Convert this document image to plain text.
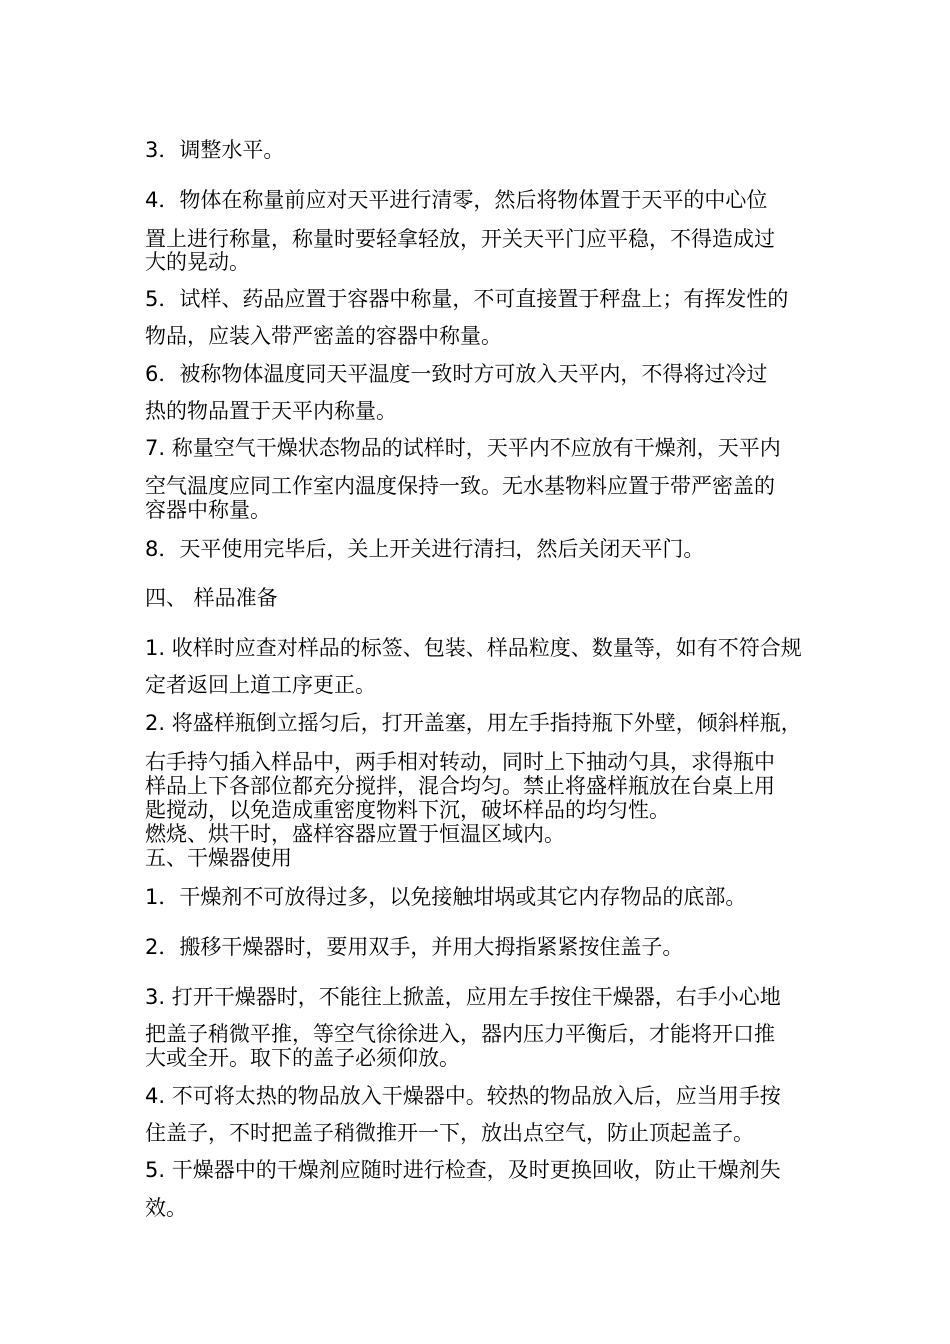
3．调整水平。
4．物体在称量前应对天平进行清零，然后将物体置于天平的中心位
置上进行称量，称量时要轻拿轻放，开关天平门应平稳，不得造成过
大的晃动。
5．试样、药品应置于容器中称量，不可直接置于秤盘上；有挥发性的
物品，应装入带严密盖的容器中称量。
6．被称物体温度同天平温度一致时方可放入天平内，不得将过冷过
热的物品置于天平内称量。
7. 称量空气干燥状态物品的试样时，天平内不应放有干燥剂，天平内
空气温度应同工作室内温度保持一致。无水基物料应置于带严密盖的
容器中称量。
8．天平使用完毕后，关上开关进行清扫，然后关闭天平门。
四、 样品准备
1. 收样时应查对样品的标签、包装、样品粒度、数量等，如有不符合规
定者返回上道工序更正。
2. 将盛样瓶倒立摇匀后，打开盖塞，用左手指持瓶下外壁，倾斜样瓶，
右手持勺插入样品中，两手相对转动，同时上下抽动勺具，求得瓶中
样品上下各部位都充分搅拌，混合均匀。禁止将盛样瓶放在台桌上用
匙搅动，以免造成重密度物料下沉，破坏样品的均匀性。
燃烧、烘干时，盛样容器应置于恒温区域内。
五、干燥器使用
1．干燥剂不可放得过多，以免接触坩埚或其它内存物品的底部。
2．搬移干燥器时，要用双手，并用大拇指紧紧按住盖子。
3. 打开干燥器时，不能往上掀盖，应用左手按住干燥器，右手小心地
把盖子稍微平推，等空气徐徐进入，器内压力平衡后，才能将开口推
大或全开。取下的盖子必须仰放。
4. 不可将太热的物品放入干燥器中。较热的物品放入后，应当用手按
住盖子，不时把盖子稍微推开一下，放出点空气，防止顶起盖子。
5. 干燥器中的干燥剂应随时进行检查，及时更换回收，防止干燥剂失
效。
